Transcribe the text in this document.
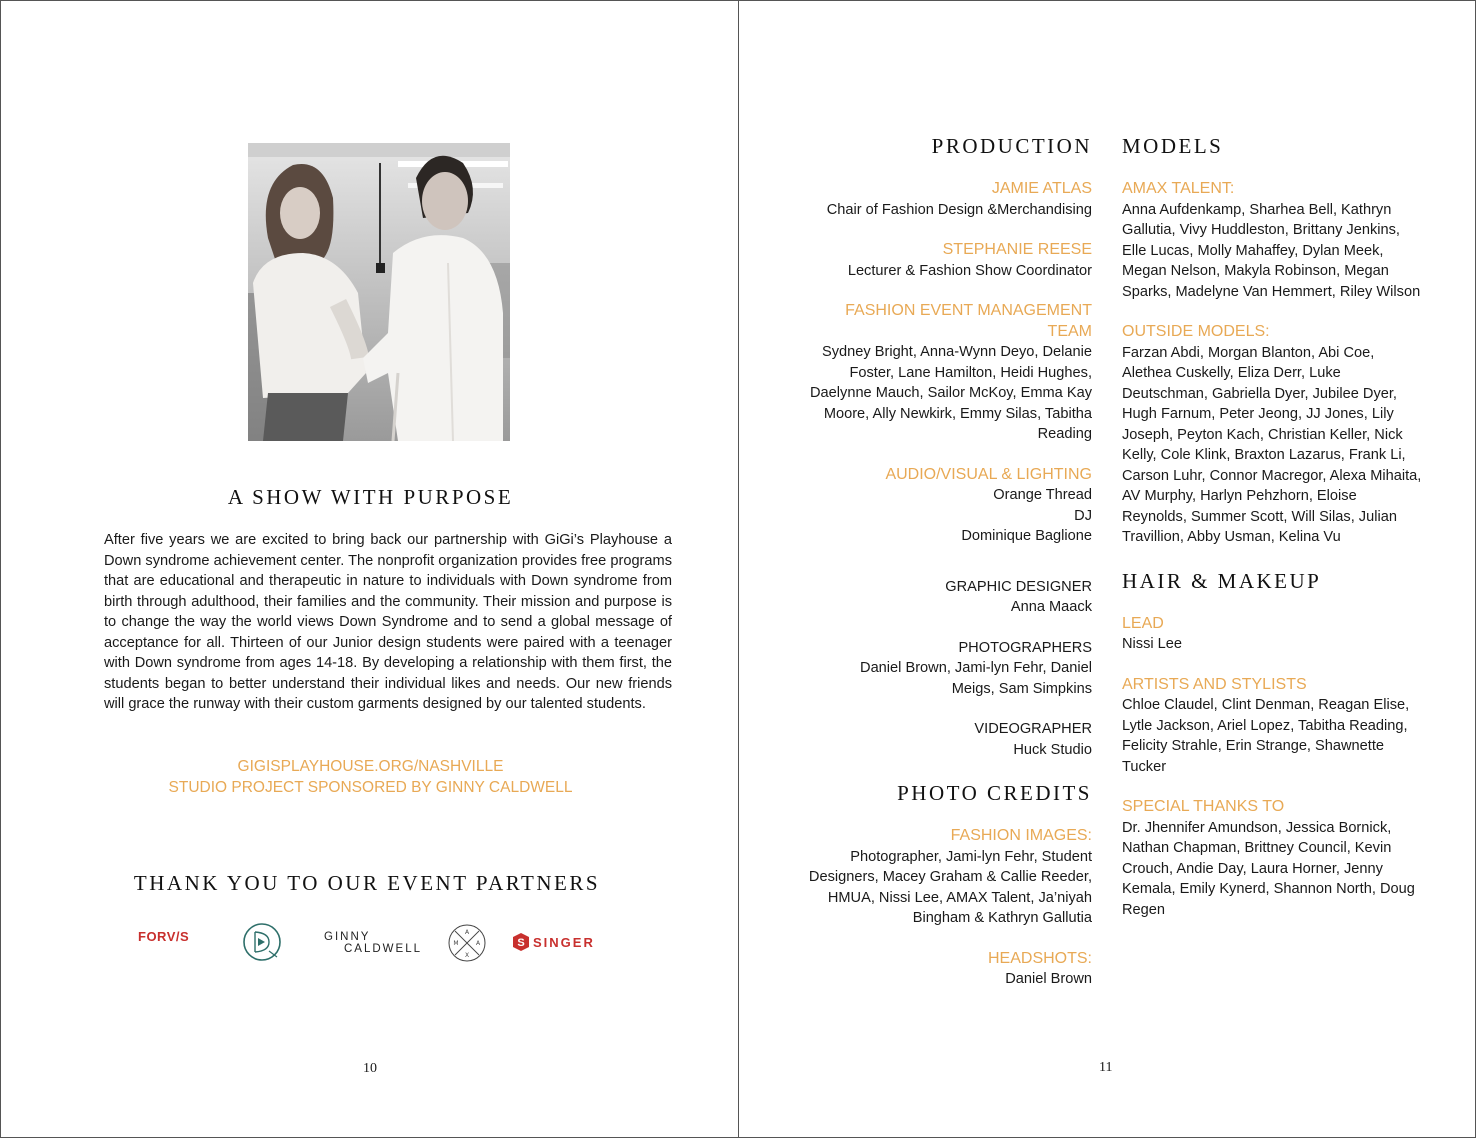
A SHOW WITH PURPOSE

After five years we are excited to bring back our partnership with GiGi’s Playhouse a Down syndrome achievement center. The nonprofit organization provides free programs that are educational and therapeutic in nature to individuals with Down syndrome from birth through adulthood, their families and the community. Their mission and purpose is to change the way the world views Down Syndrome and to send a global message of acceptance for all. Thirteen of our Junior design students were paired with a teenager with Down syndrome from ages 14-18. By developing a relationship with them first, the students began to better understand their individual likes and needs. Our new friends will grace the runway with their custom garments designed by our talented students.

GIGISPLAYHOUSE.ORG/NASHVILLE
STUDIO PROJECT SPONSORED BY GINNY CALDWELL
THANK YOU TO OUR EVENT PARTNERS
FORV/S	GINNY
CALDWELL
A
M	A
X
S SINGER
10
PRODUCTION
JAMIE ATLAS
Chair of Fashion Design &Merchandising
STEPHANIE REESE
Lecturer & Fashion Show Coordinator
FASHION EVENT MANAGEMENT TEAM
Sydney Bright, Anna-Wynn Deyo, Delanie Foster, Lane Hamilton, Heidi Hughes, Daelynne Mauch, Sailor McKoy, Emma Kay Moore, Ally Newkirk, Emmy Silas, Tabitha Reading
AUDIO/VISUAL & LIGHTING
Orange Thread
DJ
Dominique Baglione
GRAPHIC DESIGNER
Anna Maack
PHOTOGRAPHERS
Daniel Brown, Jami-lyn Fehr, Daniel Meigs, Sam Simpkins
VIDEOGRAPHER
Huck Studio
PHOTO CREDITS
FASHION IMAGES:
Photographer, Jami-lyn Fehr, Student Designers, Macey Graham & Callie Reeder, HMUA, Nissi Lee, AMAX Talent, Ja’niyah Bingham & Kathryn Gallutia
HEADSHOTS:
Daniel Brown
MODELS
AMAX TALENT:
Anna Aufdenkamp, Sharhea Bell, Kathryn Gallutia, Vivy Huddleston, Brittany Jenkins, Elle Lucas, Molly Mahaffey, Dylan Meek, Megan Nelson, Makyla Robinson, Megan Sparks, Madelyne Van Hemmert, Riley Wilson
OUTSIDE MODELS:
Farzan Abdi, Morgan Blanton, Abi Coe, Alethea Cuskelly, Eliza Derr, Luke Deutschman, Gabriella Dyer, Jubilee Dyer, Hugh Farnum, Peter Jeong, JJ Jones, Lily Joseph, Peyton Kach, Christian Keller, Nick Kelly, Cole Klink, Braxton Lazarus, Frank Li, Carson Luhr, Connor Macregor, Alexa Mihaita, AV Murphy, Harlyn Pehzhorn, Eloise Reynolds, Summer Scott, Will Silas, Julian Travillion, Abby Usman, Kelina Vu
HAIR & MAKEUP
LEAD
Nissi Lee
ARTISTS AND STYLISTS
Chloe Claudel, Clint Denman, Reagan Elise, Lytle Jackson, Ariel Lopez, Tabitha Reading, Felicity Strahle, Erin Strange, Shawnette Tucker
SPECIAL THANKS TO
Dr. Jhennifer Amundson, Jessica Bornick, Nathan Chapman, Brittney Council, Kevin Crouch, Andie Day, Laura Horner, Jenny Kemala, Emily Kynerd, Shannon North, Doug Regen
11
